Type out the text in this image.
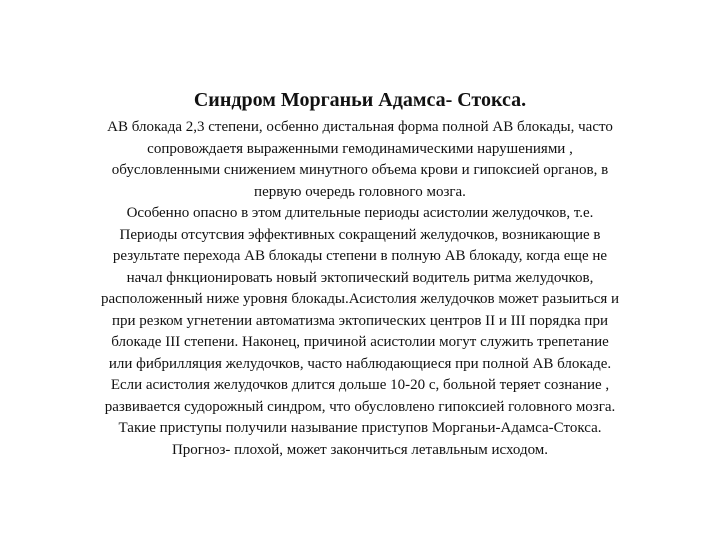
Синдром Морганьи Адамса- Стокса.
АВ блокада 2,3 степени, осбенно дистальная форма полной АВ блокады, часто
сопровождаетя выраженными гемодинамическими нарушениями ,
обусловленными снижением минутного объема крови и гипоксией органов, в
первую очередь головного мозга.
Особенно опасно в этом длительные периоды асистолии желудочков, т.е.
Периоды отсутсвия эффективных сокращений желудочков, возникающие в
результате перехода АВ блокады степени в полную АВ блокаду, когда еще не
начал фнкционировать новый эктопический водитель ритма желудочков,
расположенный ниже уровня блокады.Асистолия желудочков может разыиться и
при резком угнетении автоматизма эктопических центров II и III порядка при
блокаде III степени. Наконец, причиной асистолии могут служить трепетание
или фибрилляция желудочков, часто наблюдающиеся при полной АВ блокаде.
Если асистолия желудочков длится дольше 10-20 с, больной теряет сознание ,
развивается судорожный синдром, что обусловлено гипоксией головного мозга.
Такие приступы получили называние приступов Морганьи-Адамса-Стокса.
Прогноз- плохой, может закончиться летавльным исходом.
